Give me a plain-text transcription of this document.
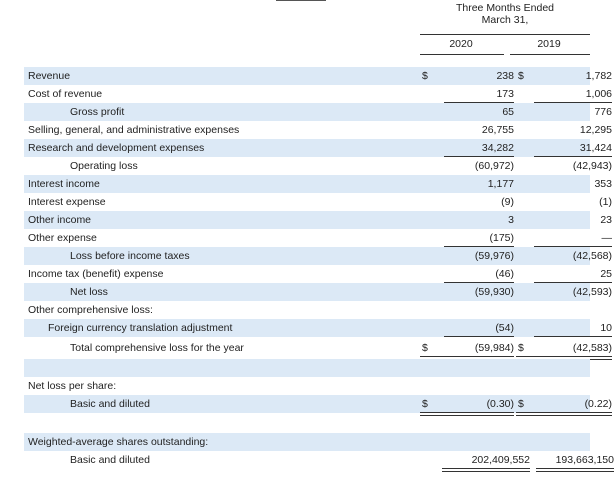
Three Months Ended
March 31,
2020	2019
Revenue	$	238 $	1,782
Cost of revenue	173	1,006
Gross profit	65	776
Selling, general, and administrative expenses	26,755	12,295
Research and development expenses	34,282	31,424
Operating loss	(60,972)	(42,943)
Interest income	1,177	353
Interest expense	(9)	(1)
Other income	3	23
Other expense	(175)	—
Loss before income taxes	(59,976)	(42,568)
Income tax (benefit) expense	(46)	25
Net loss	(59,930)	(42,593)
Other comprehensive loss:
Foreign currency translation adjustment	(54)	10
Total comprehensive loss for the year	$	(59,984) $	(42,583)
Net loss per share:
Basic and diluted	$	(0.30) $	(0.22)
Weighted-average shares outstanding:
Basic and diluted	202,409,552	193,663,150
